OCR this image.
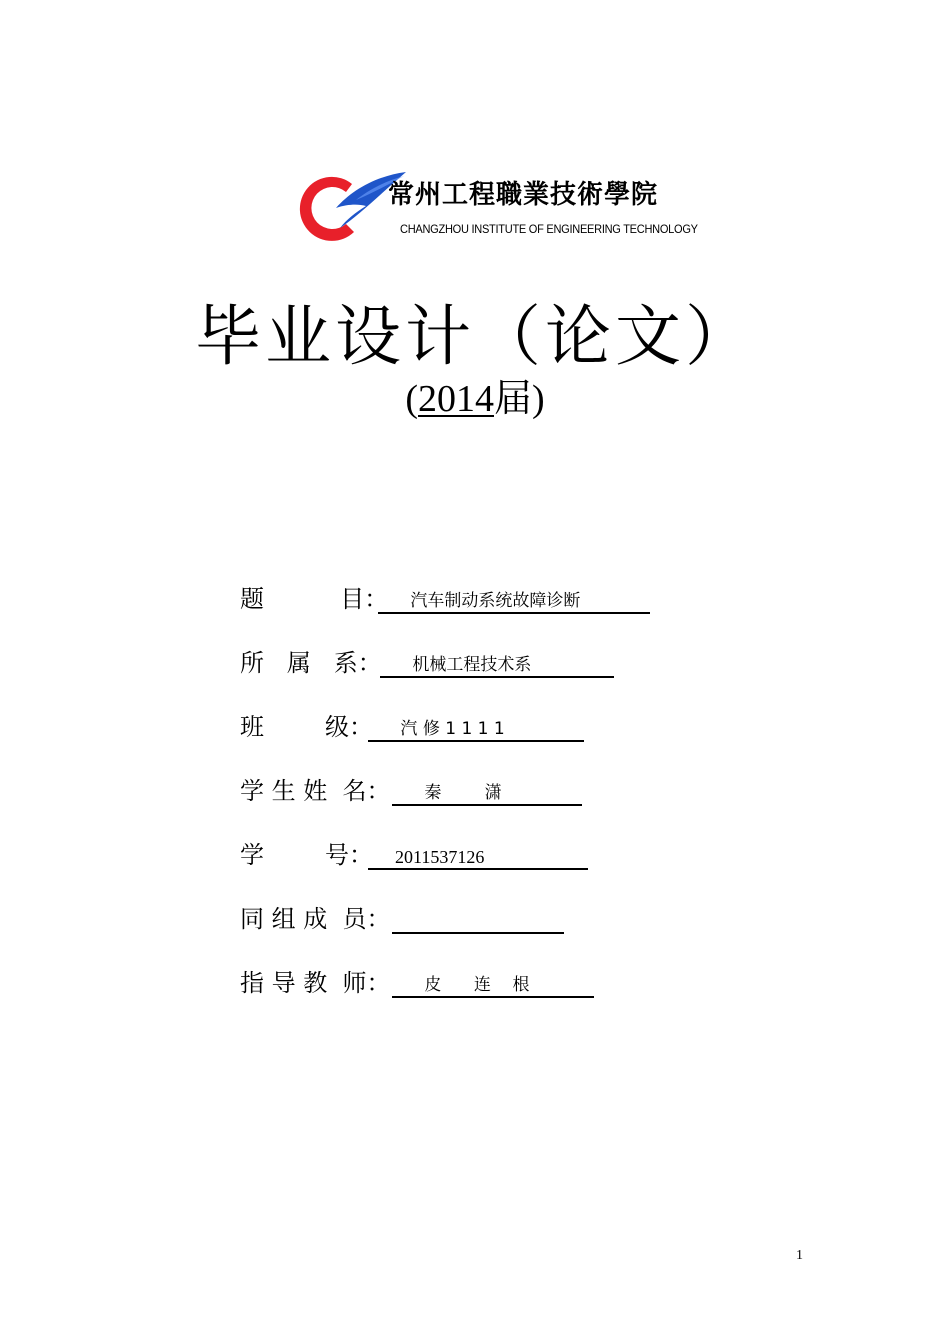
常州工程職業技術學院
CHANGZHOU INSTITUTE OF ENGINEERING TECHNOLOGY
毕业设计（论文）
(2014届)
题          目：
汽车制动系统故障诊断
所   属   系：
机械工程技术系
班        级：
汽 修 1 1 1 1
学 生 姓  名： 秦        潇
学        号：
2011537126
同 组 成  员：
指 导 教  师： 皮      连    根
1
